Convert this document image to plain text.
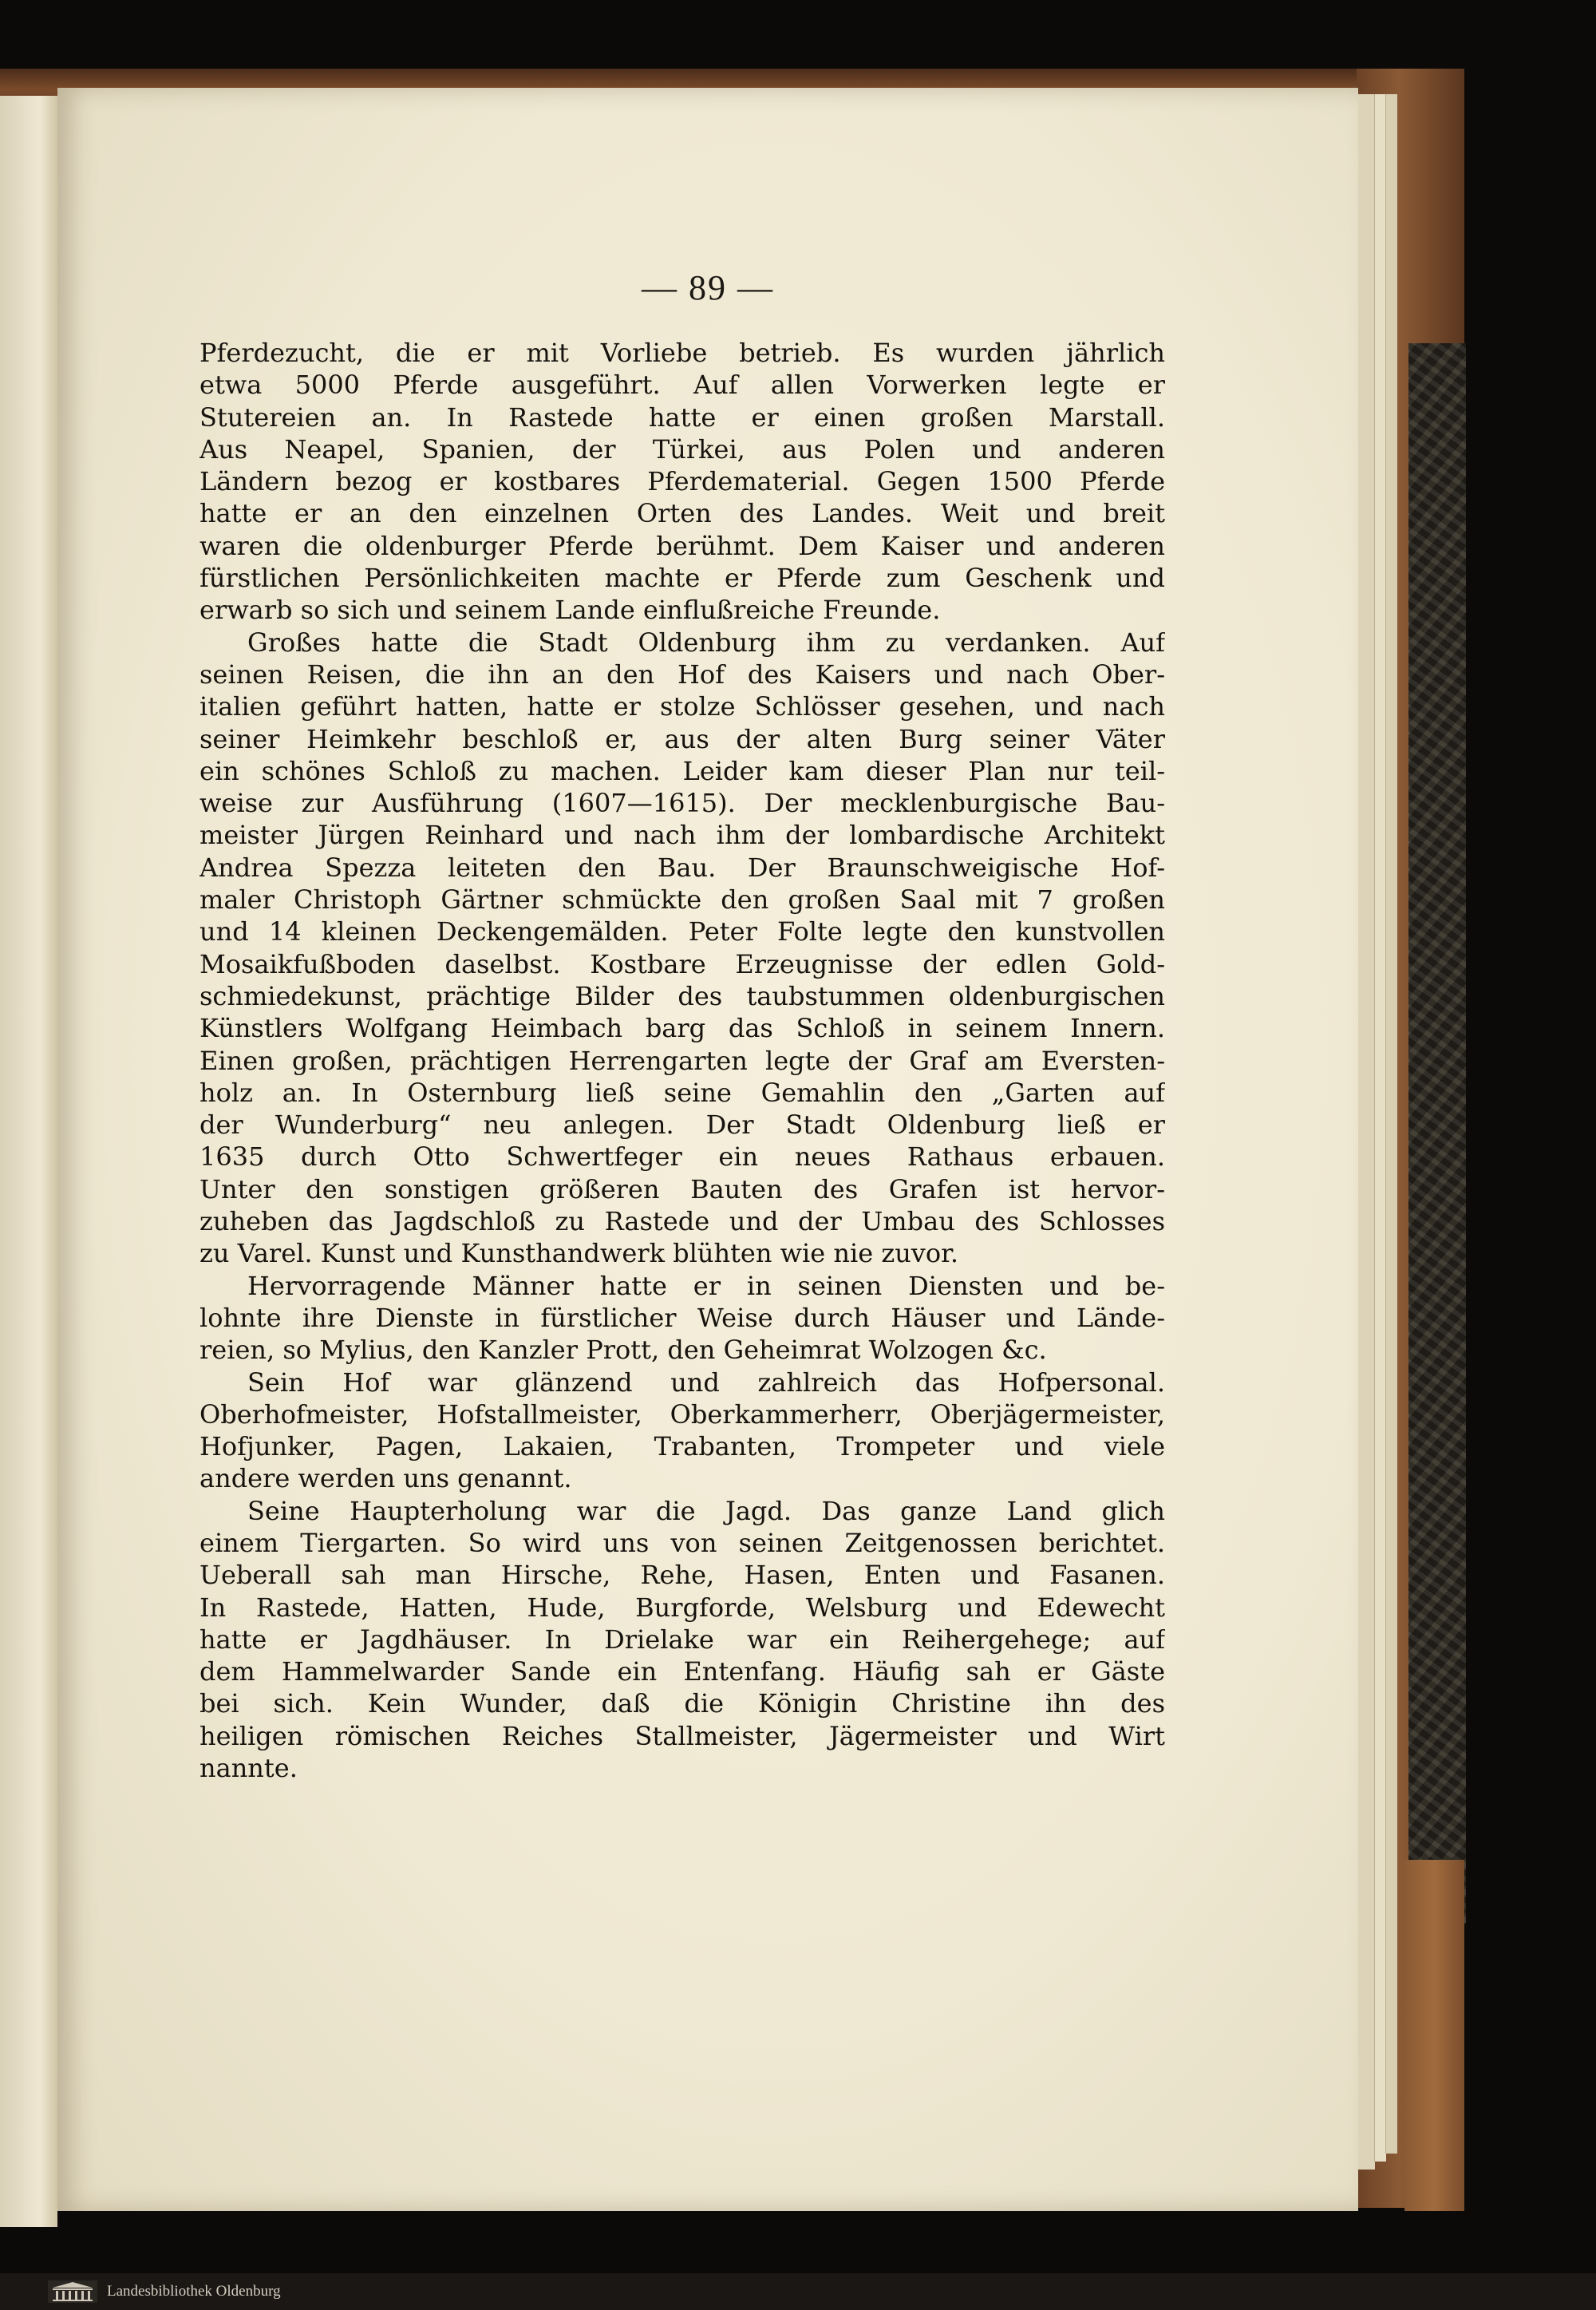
— 89 —
Pferdezucht, die er mit Vorliebe betrieb. Es wurden jährlich
etwa 5000 Pferde ausgeführt. Auf allen Vorwerken legte er
Stutereien an. In Rastede hatte er einen großen Marstall.
Aus Neapel, Spanien, der Türkei, aus Polen und anderen
Ländern bezog er kostbares Pferdematerial. Gegen 1500 Pferde
hatte er an den einzelnen Orten des Landes. Weit und breit
waren die oldenburger Pferde berühmt. Dem Kaiser und anderen
fürstlichen Persönlichkeiten machte er Pferde zum Geschenk und
erwarb so sich und seinem Lande einflußreiche Freunde.
Großes hatte die Stadt Oldenburg ihm zu verdanken. Auf
seinen Reisen, die ihn an den Hof des Kaisers und nach Ober-
italien geführt hatten, hatte er stolze Schlösser gesehen, und nach
seiner Heimkehr beschloß er, aus der alten Burg seiner Väter
ein schönes Schloß zu machen. Leider kam dieser Plan nur teil-
weise zur Ausführung (1607—1615). Der mecklenburgische Bau-
meister Jürgen Reinhard und nach ihm der lombardische Architekt
Andrea Spezza leiteten den Bau. Der Braunschweigische Hof-
maler Christoph Gärtner schmückte den großen Saal mit 7 großen
und 14 kleinen Deckengemälden. Peter Folte legte den kunstvollen
Mosaikfußboden daselbst. Kostbare Erzeugnisse der edlen Gold-
schmiedekunst, prächtige Bilder des taubstummen oldenburgischen
Künstlers Wolfgang Heimbach barg das Schloß in seinem Innern.
Einen großen, prächtigen Herrengarten legte der Graf am Eversten-
holz an. In Osternburg ließ seine Gemahlin den „Garten auf
der Wunderburg“ neu anlegen. Der Stadt Oldenburg ließ er
1635 durch Otto Schwertfeger ein neues Rathaus erbauen.
Unter den sonstigen größeren Bauten des Grafen ist hervor-
zuheben das Jagdschloß zu Rastede und der Umbau des Schlosses
zu Varel. Kunst und Kunsthandwerk blühten wie nie zuvor.
Hervorragende Männer hatte er in seinen Diensten und be-
lohnte ihre Dienste in fürstlicher Weise durch Häuser und Lände-
reien, so Mylius, den Kanzler Prott, den Geheimrat Wolzogen &c.
Sein Hof war glänzend und zahlreich das Hofpersonal.
Oberhofmeister, Hofstallmeister, Oberkammerherr, Oberjägermeister,
Hofjunker, Pagen, Lakaien, Trabanten, Trompeter und viele
andere werden uns genannt.
Seine Haupterholung war die Jagd. Das ganze Land glich
einem Tiergarten. So wird uns von seinen Zeitgenossen berichtet.
Ueberall sah man Hirsche, Rehe, Hasen, Enten und Fasanen.
In Rastede, Hatten, Hude, Burgforde, Welsburg und Edewecht
hatte er Jagdhäuser. In Drielake war ein Reihergehege; auf
dem Hammelwarder Sande ein Entenfang. Häufig sah er Gäste
bei sich. Kein Wunder, daß die Königin Christine ihn des
heiligen römischen Reiches Stallmeister, Jägermeister und Wirt
nannte.
Landesbibliothek Oldenburg
